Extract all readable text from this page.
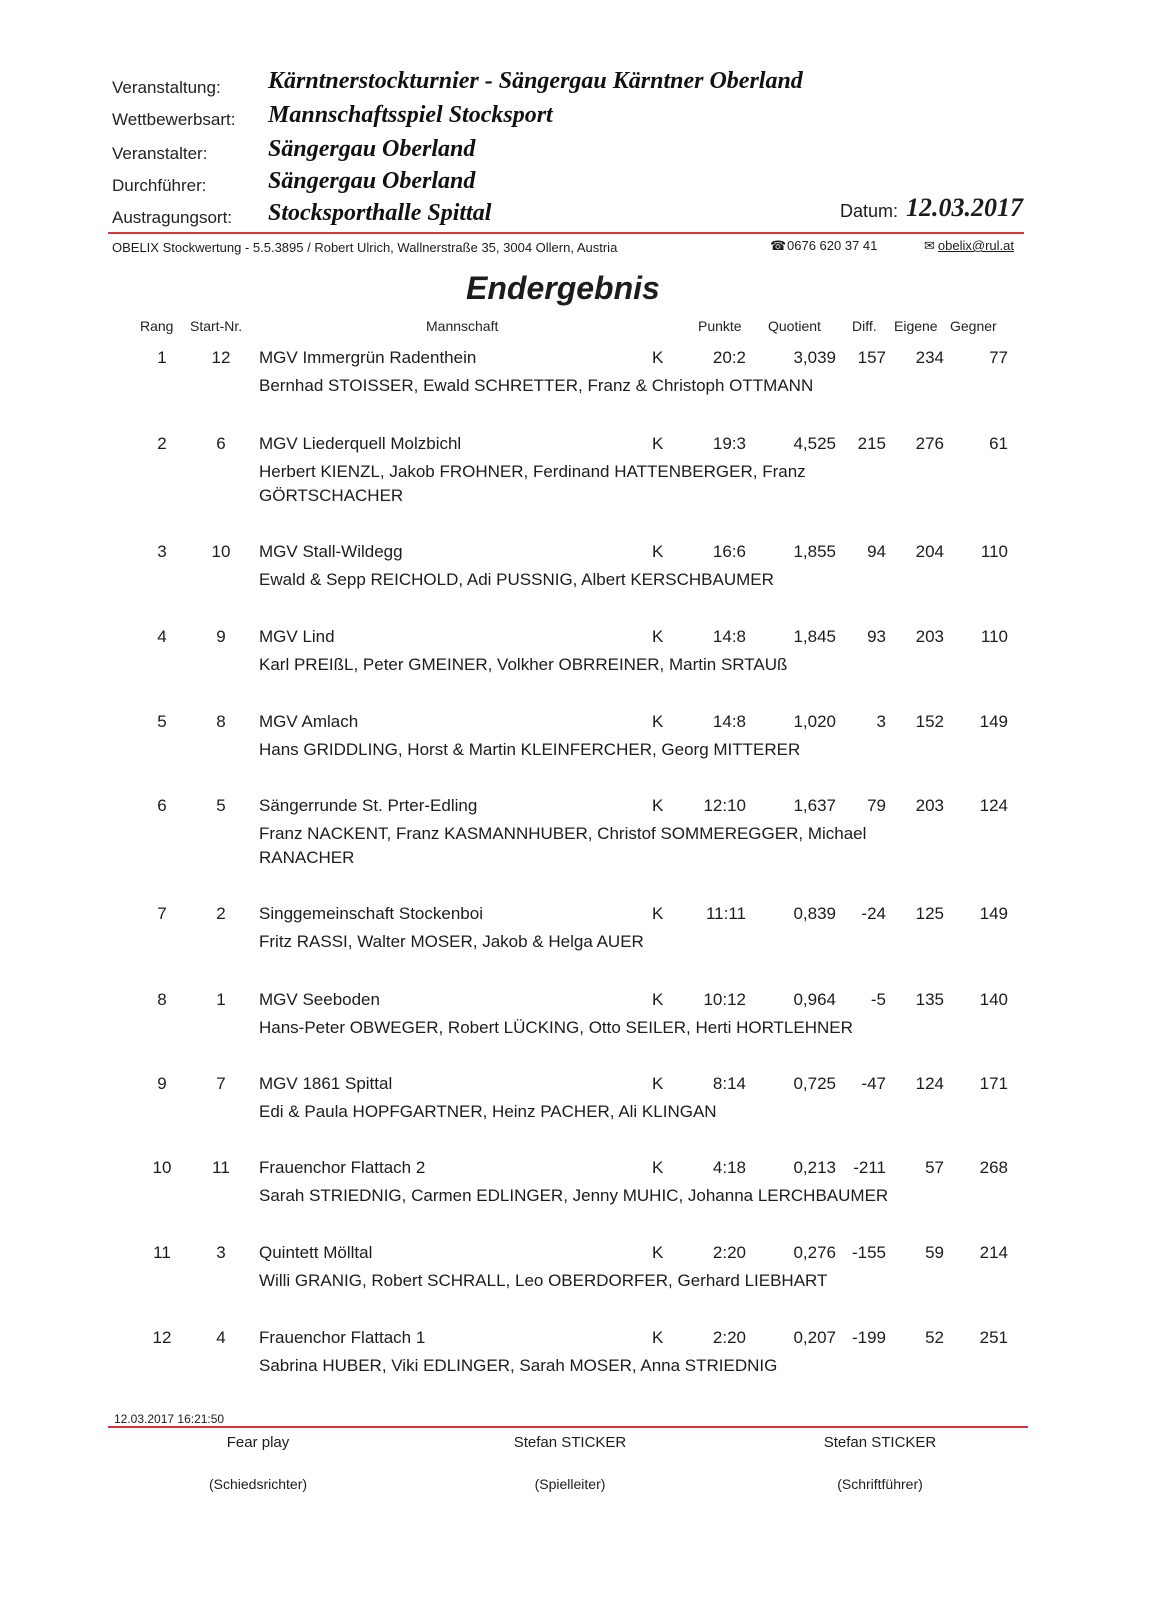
Veranstaltung: Kärntnerstockturnier - Sängergau Kärntner Oberland
Wettbewerbsart: Mannschaftsspiel Stocksport
Veranstalter:	Sängergau Oberland
Durchführer:	Sängergau Oberland
Austragungsort: Stocksporthalle Spittal	Datum: 12.03.2017
OBELIX Stockwertung - 5.5.3895 / Robert Ulrich, Wallnerstraße 35, 3004 Ollern, Austria	☎0676 620 37 41	✉ obelix@rul.at
Endergebnis
Rang Start-Nr.	Mannschaft	Punkte Quotient Diff. Eigene Gegner
1	12 MGV Immergrün Radenthein	K	20:2	3,039	157	234	77
Bernhad STOISSER, Ewald SCHRETTER, Franz & Christoph OTTMANN
2	6	MGV Liederquell Molzbichl	K	19:3	4,525	215	276	61
Herbert KIENZL, Jakob FROHNER, Ferdinand HATTENBERGER, Franz GÖRTSCHACHER
3	10 MGV Stall-Wildegg	K	16:6	1,855	94	204	110
Ewald & Sepp REICHOLD, Adi PUSSNIG, Albert KERSCHBAUMER
4	9	MGV Lind	K	14:8	1,845	93	203	110
Karl PREIßL, Peter GMEINER, Volkher OBRREINER, Martin SRTAUß
5	8	MGV Amlach	K	14:8	1,020	3	152	149
Hans GRIDDLING, Horst & Martin KLEINFERCHER, Georg MITTERER
6	5	Sängerrunde St. Prter-Edling	K	12:10	1,637	79	203	124
Franz NACKENT, Franz KASMANNHUBER, Christof SOMMEREGGER, Michael RANACHER
7	2	Singgemeinschaft Stockenboi	K	11:11	0,839	-24	125	149
Fritz RASSI, Walter MOSER, Jakob & Helga AUER
8	1	MGV Seeboden	K	10:12	0,964	-5	135	140
Hans-Peter OBWEGER, Robert LÜCKING, Otto SEILER, Herti HORTLEHNER
9	7	MGV 1861 Spittal	K	8:14	0,725	-47	124	171
Edi & Paula HOPFGARTNER, Heinz PACHER, Ali KLINGAN
10 11 Frauenchor Flattach 2	K	4:18	0,213	-211	57	268
Sarah STRIEDNIG, Carmen EDLINGER, Jenny MUHIC, Johanna LERCHBAUMER
11	3	Quintett Mölltal	K	2:20	0,276 -155	59	214
Willi GRANIG, Robert SCHRALL, Leo OBERDORFER, Gerhard LIEBHART
12	4	Frauenchor Flattach 1	K	2:20	0,207 -199	52	251
Sabrina HUBER, Viki EDLINGER, Sarah MOSER, Anna STRIEDNIG
12.03.2017 16:21:50
Fear play	Stefan STICKER	Stefan STICKER
(Schiedsrichter)	(Spielleiter)	(Schriftführer)
